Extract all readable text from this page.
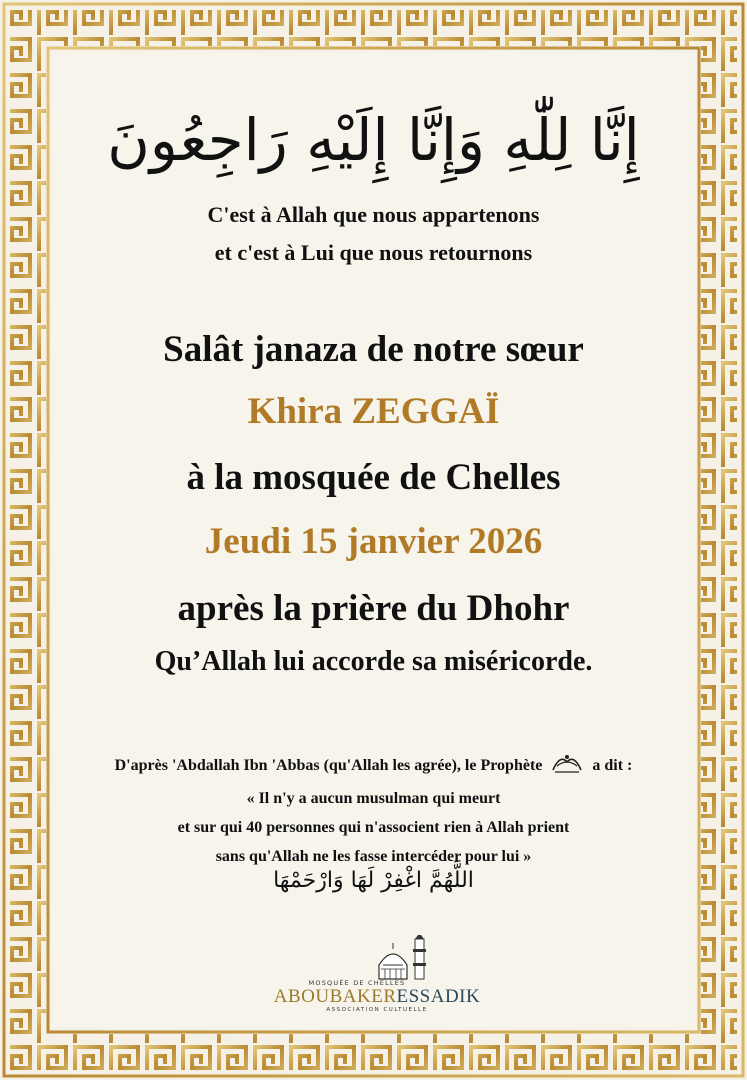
إِنَّا لِلّٰهِ وَإِنَّا إِلَيْهِ رَاجِعُونَ
C'est à Allah que nous appartenons
et c'est à Lui que nous retournons
Salât janaza de notre sœur
Khira ZEGGAÏ
à la mosquée de Chelles
Jeudi 15 janvier 2026
après la prière du Dhohr
Qu’Allah lui accorde sa miséricorde.
D'après 'Abdallah Ibn 'Abbas (qu'Allah les agrée), le Prophète	a dit :
« Il n'y a aucun musulman qui meurt
et sur qui 40 personnes qui n'associent rien à Allah prient
sans qu'Allah ne les fasse intercéder pour lui »
اللَّهُمَّ اغْفِرْ لَهَا وَارْحَمْهَا
MOSQUÉE DE CHELLES
ABOUBAKERESSADIK
ASSOCIATION CULTUELLE
